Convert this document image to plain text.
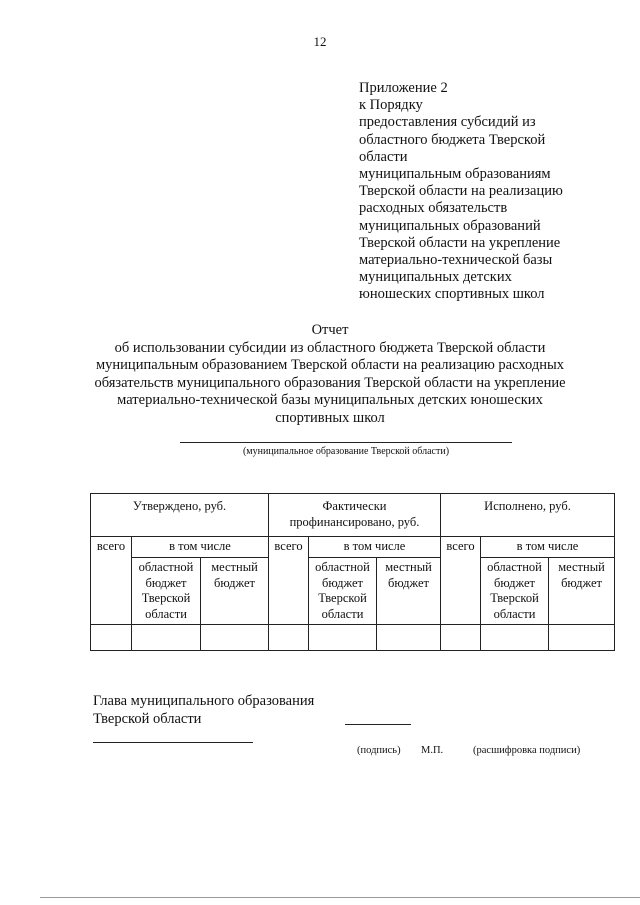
12
Приложение 2
к Порядку
предоставления субсидий из
областного бюджета Тверской
области
муниципальным образованиям
Тверской области на реализацию
расходных обязательств
муниципальных образований
Тверской области на укрепление
материально-технической базы
муниципальных детских
юношеских спортивных школ
Отчет
об использовании субсидии из областного бюджета Тверской области
муниципальным образованием Тверской области на реализацию расходных
обязательств муниципального образования Тверской области на укрепление
материально-технической базы муниципальных детских юношеских
спортивных школ
(муниципальное образование Тверской области)
Утверждено, руб.			Фактически профинансировано, руб.			Исполнено, руб.		
всего	в том числе		всего	в том числе		всего	в том числе	
	областной бюджет Тверской области	местный бюджет		областной бюджет Тверской области	местный бюджет		областной бюджет Тверской области	местный бюджет

Глава муниципального образования
Тверской области
(подпись) М.П.	(расшифровка подписи)
